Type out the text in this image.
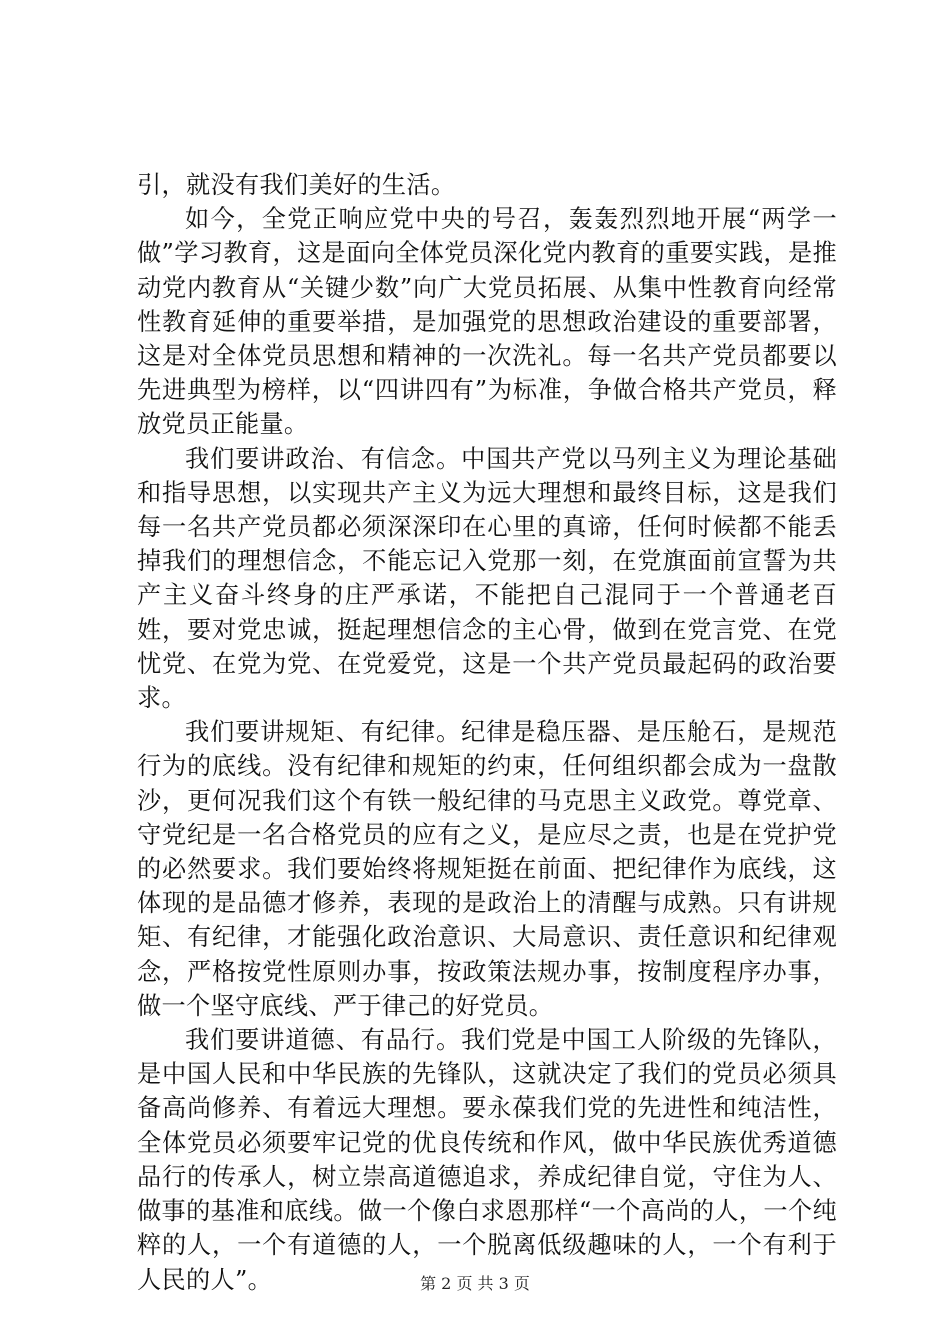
引，就没有我们美好的生活。

如今，全党正响应党中央的号召，轰轰烈烈地开展“两学一做”学习教育，这是面向全体党员深化党内教育的重要实践，是推动党内教育从“关键少数”向广大党员拓展、从集中性教育向经常性教育延伸的重要举措，是加强党的思想政治建设的重要部署，这是对全体党员思想和精神的一次洗礼。每一名共产党员都要以先进典型为榜样，以“四讲四有”为标准，争做合格共产党员，释放党员正能量。

我们要讲政治、有信念。中国共产党以马列主义为理论基础和指导思想，以实现共产主义为远大理想和最终目标，这是我们每一名共产党员都必须深深印在心里的真谛，任何时候都不能丢掉我们的理想信念，不能忘记入党那一刻，在党旗面前宣誓为共产主义奋斗终身的庄严承诺，不能把自己混同于一个普通老百姓，要对党忠诚，挺起理想信念的主心骨，做到在党言党、在党忧党、在党为党、在党爱党，这是一个共产党员最起码的政治要求。

我们要讲规矩、有纪律。纪律是稳压器、是压舱石，是规范行为的底线。没有纪律和规矩的约束，任何组织都会成为一盘散沙，更何况我们这个有铁一般纪律的马克思主义政党。尊党章、守党纪是一名合格党员的应有之义，是应尽之责，也是在党护党的必然要求。我们要始终将规矩挺在前面、把纪律作为底线，这体现的是品德才修养，表现的是政治上的清醒与成熟。只有讲规矩、有纪律，才能强化政治意识、大局意识、责任意识和纪律观念，严格按党性原则办事，按政策法规办事，按制度程序办事，做一个坚守底线、严于律己的好党员。

我们要讲道德、有品行。我们党是中国工人阶级的先锋队，是中国人民和中华民族的先锋队，这就决定了我们的党员必须具备高尚修养、有着远大理想。要永葆我们党的先进性和纯洁性，全体党员必须要牢记党的优良传统和作风，做中华民族优秀道德品行的传承人，树立崇高道德追求，养成纪律自觉，守住为人、做事的基准和底线。做一个像白求恩那样“一个高尚的人，一个纯粹的人，一个有道德的人，一个脱离低级趣味的人，一个有利于人民的人”。	第 2 页 共 3 页
